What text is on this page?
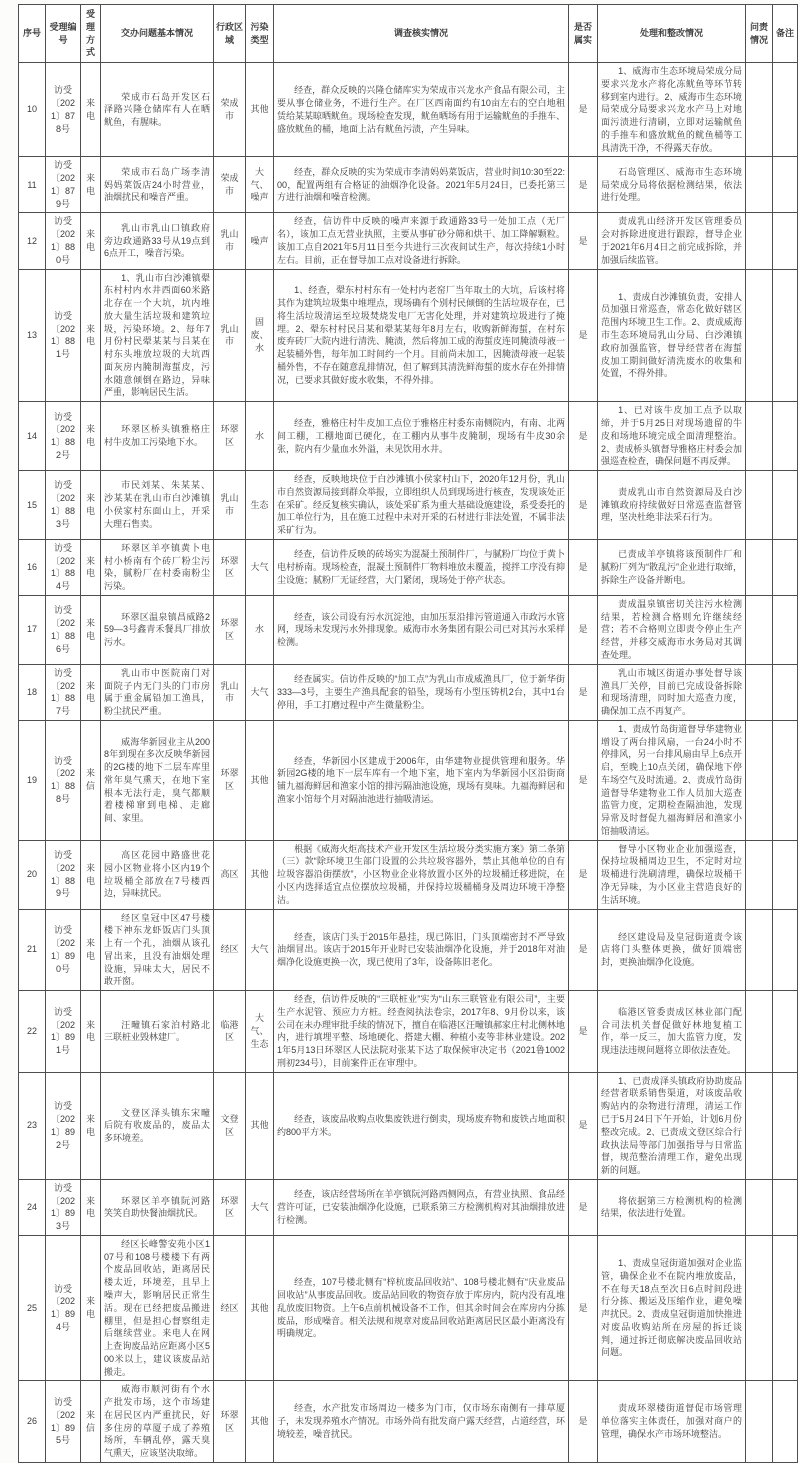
序号	受理编号	受理方式	交办问题基本情况	行政区域	污染类型	调查核实情况	是否属实	处理和整改情况	问责情况	备注
10	访受〔2021〕878号	来电	荣成市石岛开发区石泽路兴隆仓储库有人在晒鱿鱼，有腥味。	荣成市	其他	经查，群众反映的兴隆仓储库实为荣成市兴龙水产食品有限公司，主要从事仓储业务，不进行生产。在厂区西南面约有10亩左右的空白地租赁给某某晾晒鱿鱼。现场检查发现，鱿鱼晒场有用于运输鱿鱼的手推车、盛放鱿鱼的桶，地面上沾有鱿鱼污渍，产生异味。	是	1、威海市生态环境局荣成分局要求兴龙水产将化冻鱿鱼等环节转移到室内进行。2、威海市生态环境局荣成分局要求兴龙水产马上对地面污渍进行清刷，立即对运输鱿鱼的手推车和盛放鱿鱼的鱿鱼桶等工具清洗干净，不得露天存放。		
11	访受〔2021〕879号	来电	荣成市石岛广场李清妈妈菜饭店24小时营业，油烟扰民和噪音严重。	荣成市	大气、噪声	经查，群众反映的实为荣成市李清妈妈菜饭店，营业时间10:30至22:00，配置两组有合格证的油烟净化设备。2021年5月24日，已委托第三方进行油烟和噪音检测。	是	石岛管理区、威海市生态环境局荣成分局将依据检测结果，依法进行处理。		
12	访受〔2021〕880号	来电	乳山市乳山口镇政府旁边政通路33号从19点到6点开工，噪音污染。	乳山市	噪声	经查，信访件中反映的噪声来源于政通路33号一处加工点（无厂名），该加工点无营业执照，主要从事矿砂分筛和烘干、加工降解颗粒。该加工点自2021年5月11日至今共进行三次夜间试生产，每次持续1小时左右。目前，正在督导加工点对设备进行拆除。	是	责成乳山经济开发区管理委员会对拆除进度进行跟踪，督导企业于2021年6月4日之前完成拆除，并加强后续监管。		
13	访受〔2021〕881号	来电	1、乳山市白沙滩镇翚东村村内水井西面60米路北存在一个大坑，坑内堆放大量生活垃圾和建筑垃圾，污染环境。2、每年7月份村民翚某某与吕某在村东头堆放垃圾的大坑西面灰房内腌制海蜇皮，污水随意倾倒在路边，异味严重，影响居民生活。	乳山市	固废、水	1、经查，翚东村村东有一处村内老窑厂当年取土的大坑，后该村将其作为建筑垃圾集中堆埋点，现场确有个别村民倾倒的生活垃圾存在，已将生活垃圾清运至垃圾焚烧发电厂无害化处理，并对建筑垃圾进行了掩埋。2、翚东村村民吕某和翚某某每年8月左右，收购新鲜海蜇，在村东废弃砖厂大院内进行清洗、腌渍，然后将加工成的海蜇皮连同腌渍母液一起装桶外售，每年加工时间约一个月。目前尚未加工，因腌渍母液一起装桶外售，不存在随意乱排情况，但了解到其清洗鲜海蜇的废水存在外排情况，已要求其做好废水收集，不得外排。	是	1、责成白沙滩镇负责，安排人员加强日常巡查，常态化做好辖区范围内环境卫生工作。2、责成威海市生态环境局乳山分局、白沙滩镇政府加强监管，督导经营者在海蜇皮加工期间做好清洗废水的收集和处置，不得外排。		
14	访受〔2021〕882号	来电	环翠区桥头镇雅格庄村牛皮加工污染地下水。	环翠区	水	经查，雅格庄村牛皮加工点位于雅格庄村委东南侧院内，有南、北两间工棚，工棚地面已硬化，在工棚内从事牛皮腌制，现场有牛皮30余张，院内有少量血水外溢，未见饮用水井。	是	1、已对该牛皮加工点予以取缔，并于5月25日对现场遗留的牛皮和场地环境完成全面清理整治。2、责成桥头镇督导雅格庄村委会加强巡查检查，确保问题不再反弹。		
15	访受〔2021〕883号	来电	市民刘某、朱某某、沙某某在乳山市白沙滩镇小侯家村东面山上，开采大理石售卖。	乳山市	生态	经查，反映地块位于白沙滩镇小侯家村山下，2020年12月份，乳山市自然资源局接到群众举报，立即组织人员到现场进行核查，发现该处正在采矿。经反复核实确认，该处采矿系为重大基础设施建设，系受委托的加工单位行为，且在施工过程中未对开采的石材进行非法处置，不属非法采矿行为。	是	责成乳山市自然资源局及白沙滩镇政府持续做好日常巡查监督管理，坚决杜绝非法采石行为。		
16	访受〔2021〕884号	来电	环翠区羊亭镇黄卜电村小桥南有个砖厂粉尘污染，腻粉厂在村委南粉尘污染。	环翠区	大气	经查，信访件反映的砖场实为混凝土预制件厂，与腻粉厂均位于黄卜电村桥南。现场检查，混凝土预制件厂物料堆放未覆盖，搅拌工序没有抑尘设施；腻粉厂无证经营，大门紧闭，现场处于停产状态。	是	已责成羊亭镇将该预制件厂和腻粉厂列为“散乱污”企业进行取缔，拆除生产设备并断电。		
17	访受〔2021〕886号	来电	环翠区温泉镇昌威路259—3号鑫青禾餐具厂排放污水。	环翠区	水	经查，该公司设有污水沉淀池，由加压泵沿排污管道通入市政污水管网，现场未发现污水外排现象。威海市水务集团有限公司已对其污水采样检测。	是	责成温泉镇密切关注污水检测结果，若检测合格则允许继续经营；若不合格则立即责令停止生产经营，并移交威海市水务局对其调查处理。		
18	访受〔2021〕887号	来电	乳山市中医院南门对面院子内无门头的门市房属于重金属铅加工渔具，粉尘扰民严重。	乳山市	大气	经查属实。信访件反映的“加工点”为乳山市成威渔具厂，位于新华街333—3号，主要生产渔具配套的铅坠，现场有小型压铸机2台，其中1台停用，手工打磨过程中产生微量粉尘。	是	乳山市城区街道办事处督导该渔具厂关停，目前已完成设备拆除和现场清理，同时加大巡查力度，确保加工点不再复产。		
19	访受〔2021〕888号	来信	威海华新园业主从2008年到现在多次反映华新园的2G楼的地下二层车库里常年臭气熏天，在地下室根本无法行走，臭气都顺着楼梯窜到电梯、走廊间、家里。	环翠区	其他	经查，华新园小区建成于2006年，由华建物业提供管理和服务。华新园2G楼的地下一层车库有一个地下室，地下室内为华新园小区沿街商铺九福海鲜居和渔家小馆的排污隔油池设施，现场有臭味。九福海鲜居和渔家小馆每个月对隔油池进行抽吸清运。	是	1、责成竹岛街道督导华建物业增设了两台排风扇，一台24小时不停排风，另一台排风扇由早上6点开启，至晚上10点关闭，确保地下停车场空气及时流通。2、责成竹岛街道督导华建物业工作人员加大巡查监管力度，定期检查隔油池，发现异常及时督促九福海鲜居和渔家小馆抽吸清运。		
20	访受〔2021〕889号	来电	高区花园中路盛世花园小区物业将小区内19个垃圾桶全部放在7号楼西边，异味扰民。	高区	其他	根据《威海火炬高技术产业开发区生活垃圾分类实施方案》第二条第（三）款“除环境卫生部门设置的公共垃圾容器外，禁止其他单位的自有垃圾容器沿街摆放”，小区物业企业将放置小区外的垃圾桶迁移进院，在小区内选择适宜点位摆放垃圾桶，并保持垃圾桶桶身及周边环境干净整洁。	是	督导小区物业企业加强巡查，保持垃圾桶周边卫生，不定时对垃圾桶进行洗刷清理，确保垃圾桶干净无异味，为小区业主营造良好的生活环境。		
21	访受〔2021〕890号	来电	经区皇冠中区47号楼楼下神东龙虾饭店门头顶上有一个孔，油烟从该孔冒出来，且没有油烟处理设施，异味太大，居民不敢开窗。	经区	大气	经查，该店门头于2015年悬挂，现已陈旧，门头顶端密封不严导致油烟冒出。该店于2015年开业时已安装油烟净化设施，并于2018年对油烟净化设施更换一次，现已使用了3年，设备陈旧老化。	是	经区建设局及皇冠街道责令该店将门头整体更换，做好顶端密封，更换油烟净化设施。		
22	访受〔2021〕891号	来电	汪疃镇石家泊村路北三联桩业毁林建厂。	临港区	大气、生态	经查，信访件反映的“三联桩业”实为“山东三联管业有限公司”，主要生产水泥管、预应力方桩。经查阅执法卷宗，2017年8、9月份以来，该公司在未办理审批手续的情况下，擅自在临港区汪疃镇郝家庄村北侧林地内，进行填埋平整、场地硬化、搭建大棚、种植小麦等非林业建设。2021年5月13日环翠区人民法院对张某下达了取保候审决定书（2021鲁1002刑初234号），目前案件正在审理中。	是	临港区管委责成区林业部门配合司法机关督促做好林地复植工作，举一反三，加大监管力度，发现违法违规问题将立即依法查处。		
23	访受〔2021〕892号	来电	文登区泽头镇东宋疃后院有收废品的，废品太多环境差。	文登区	其他	经查，该废品收购点收集废铁进行倒卖，现场废弃物和废铁占地面积约800平方米。	是	1、已责成泽头镇政府协助废品经营者联系销售渠道，对该废品收购站内的杂物进行清理，清运工作已于5月24日下午开始，计划6月份整改完成。2、已责成文登区综合行政执法局等部门加强指导与日常监督，规范整治清理工作，避免出现新的问题。		
24	访受〔2021〕893号	来电	环翠区羊亭镇阮河路笑笑自助快餐油烟扰民。	环翠区	大气	经查，该店经营场所在羊亭镇阮河路西侧网点，有营业执照、食品经营许可证，已安装油烟净化设施，已联系第三方检测机构对其油烟排放进行检测。	是	将依据第三方检测机构的检测结果，依法进行处置。		
25	访受〔2021〕894号	来电	经区长峰警安苑小区107号和108号楼楼下有两个废品回收站，距离居民楼太近，环境差，且早上噪声大，影响居民正常生活。现在已经把废品搬进棚里，但是担心督察组走后继续营业。来电人在网上查询废品站应距离小区500米以上，建议该废品站搬走。	经区	其他	经查，107号楼北侧有“梓杭废品回收站”、108号楼北侧有“庆业废品回收站”从事废品回收。废品站回收的物资存放于库房内，院内没有乱堆乱放废旧物资。上午6点前机械设备不工作，但其余时间会在库房内分拣废品，形成噪音。相关法规和规章对废品回收站距离居民区最小距离没有明确规定。	是	1、责成皇冠街道加强对企业监管，确保企业不在院内堆放废品，不在每天18点至次日6点时间段进行分拣、搬运及压缩作业，避免噪声扰民。2、责成皇冠街道加快推进对废品收购站所在房屋的拆迁谈判，通过拆迁彻底解决废品回收站问题。		
26	访受〔2021〕895号	来信	威海市顺河街有个水产批发市场，这个市场建在居民区内严重扰民，好多住房的草厦子成了养殖场所，车辆乱停，露天臭气熏天，应该坚决取缔。	环翠区	其他	经查，水产批发市场周边一楼多为门市，仅市场东南侧有一排草厦子，未发现养殖水产情况。市场外尚有批发商户露天经营，占道经营，环境较差，噪音扰民。	是	责成环翠楼街道督促市场管理单位落实主体责任，加强对商户的管理，确保水产市场环境整洁。		
